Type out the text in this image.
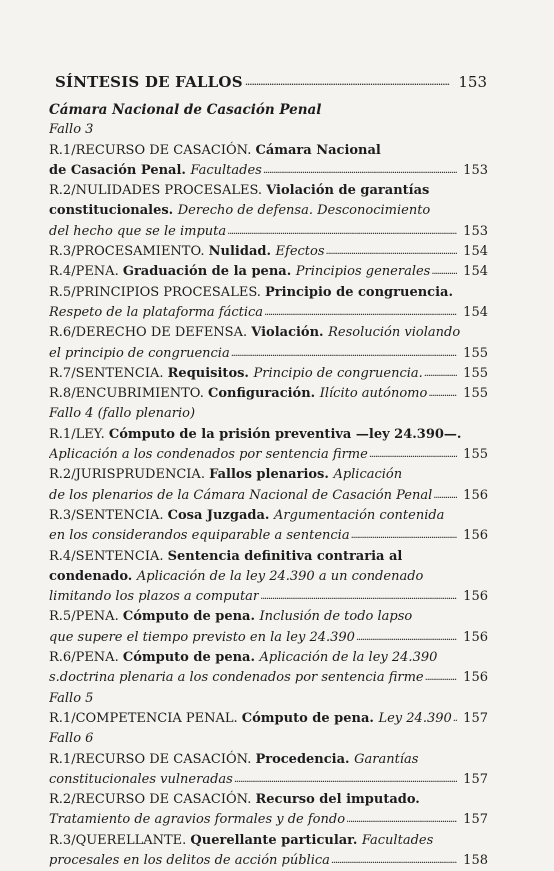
SÍNTESIS DE FALLOS . . .	153
Cámara Nacional de Casación Penal
Fallo 3
R.1/RECURSO DE CASACIÓN. Cámara Nacional
de Casación Penal. Facultades . . .	153
R.2/NULIDADES PROCESALES. Violación de garantías
constitucionales. Derecho de defensa. Desconocimiento
del hecho que se le imputa . . .	153
R.3/PROCESAMIENTO. Nulidad. Efectos . . .	154
R.4/PENA. Graduación de la pena. Principios generales . . .	154
R.5/PRINCIPIOS PROCESALES. Principio de congruencia.
Respeto de la plataforma fáctica . . .	154
R.6/DERECHO DE DEFENSA. Violación. Resolución violando
el principio de congruencia . . .	155
R.7/SENTENCIA. Requisitos. Principio de congruencia. . . .	155
R.8/ENCUBRIMIENTO. Configuración. Ilícito autónomo . . .	155
Fallo 4 (fallo plenario)
R.1/LEY. Cómputo de la prisión preventiva —ley 24.390—.
Aplicación a los condenados por sentencia firme . . .	155
R.2/JURISPRUDENCIA. Fallos plenarios. Aplicación
de los plenarios de la Cámara Nacional de Casación Penal . . . 156
R.3/SENTENCIA. Cosa Juzgada. Argumentación contenida
en los considerandos equiparable a sentencia . . .	156
R.4/SENTENCIA. Sentencia definitiva contraria al
condenado. Aplicación de la ley 24.390 a un condenado
limitando los plazos a computar . . .	156
R.5/PENA. Cómputo de pena. Inclusión de todo lapso
que supere el tiempo previsto en la ley 24.390 . . .	156
R.6/PENA. Cómputo de pena. Aplicación de la ley 24.390
s.doctrina plenaria a los condenados por sentencia firme . . .	156
Fallo 5
R.1/COMPETENCIA PENAL. Cómputo de pena. Ley 24.390 . . . 157
Fallo 6
R.1/RECURSO DE CASACIÓN. Procedencia. Garantías
constitucionales vulneradas . . .	157
R.2/RECURSO DE CASACIÓN. Recurso del imputado.
Tratamiento de agravios formales y de fondo . . .	157
R.3/QUERELLANTE. Querellante particular. Facultades
procesales en los delitos de acción pública . . .	158
